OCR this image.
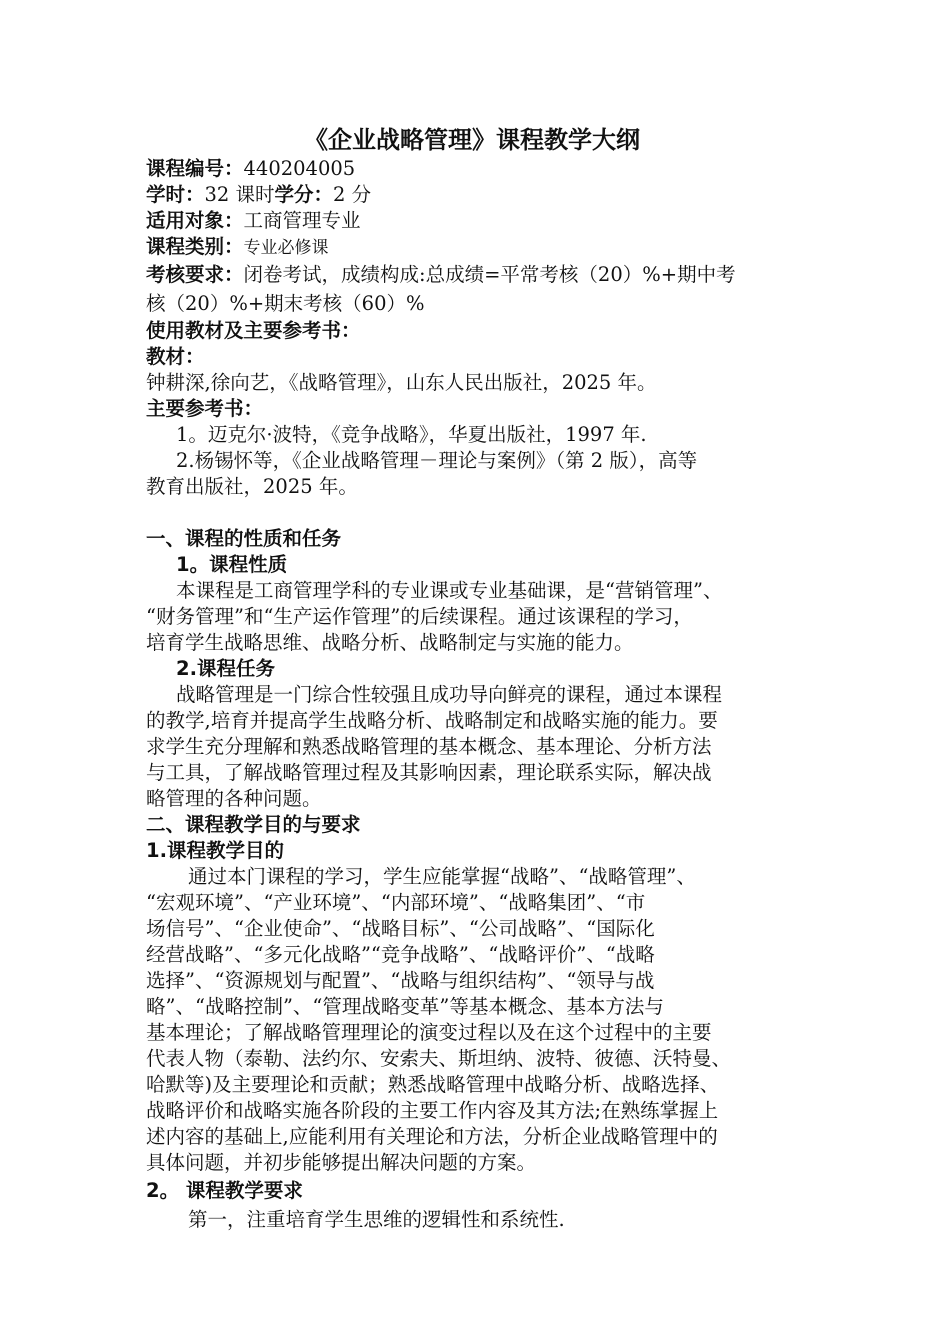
《企业战略管理》课程教学大纲
课程编号：440204005
学时：32 课时学分：2 分
适用对象：工商管理专业
课程类别：专业必修课
考核要求：闭卷考试，成绩构成:总成绩=平常考核（20）%+期中考
核（20）%+期末考核（60）%
使用教材及主要参考书：
教材：
钟耕深,徐向艺，《战略管理》，山东人民出版社，2025 年。
主要参考书：
1。迈克尔·波特，《竞争战略》，华夏出版社，1997 年.
2.杨锡怀等，《企业战略管理－理论与案例》（第 2 版），高等
教育出版社，2025 年。
一、课程的性质和任务
1。课程性质
本课程是工商管理学科的专业课或专业基础课，是“营销管理”、
“财务管理”和“生产运作管理”的后续课程。通过该课程的学习，
培育学生战略思维、战略分析、战略制定与实施的能力。
2.课程任务
战略管理是一门综合性较强且成功导向鲜亮的课程，通过本课程
的教学,培育并提高学生战略分析、战略制定和战略实施的能力。要
求学生充分理解和熟悉战略管理的基本概念、基本理论、分析方法
与工具，了解战略管理过程及其影响因素，理论联系实际，解决战
略管理的各种问题。
二、课程教学目的与要求
1.课程教学目的
通过本门课程的学习，学生应能掌握“战略”、“战略管理”、
“宏观环境”、“产业环境”、“内部环境”、“战略集团”、“市
场信号”、“企业使命”、“战略目标”、“公司战略”、“国际化
经营战略”、“多元化战略”“竞争战略”、“战略评价”、“战略
选择”、“资源规划与配置”、“战略与组织结构”、“领导与战
略”、“战略控制”、“管理战略变革”等基本概念、基本方法与
基本理论；了解战略管理理论的演变过程以及在这个过程中的主要
代表人物（泰勒、法约尔、安索夫、斯坦纳、波特、彼德、沃特曼、
哈默等)及主要理论和贡献；熟悉战略管理中战略分析、战略选择、
战略评价和战略实施各阶段的主要工作内容及其方法;在熟练掌握上
述内容的基础上,应能利用有关理论和方法，分析企业战略管理中的
具体问题，并初步能够提出解决问题的方案。
2。 课程教学要求
第一，注重培育学生思维的逻辑性和系统性.
